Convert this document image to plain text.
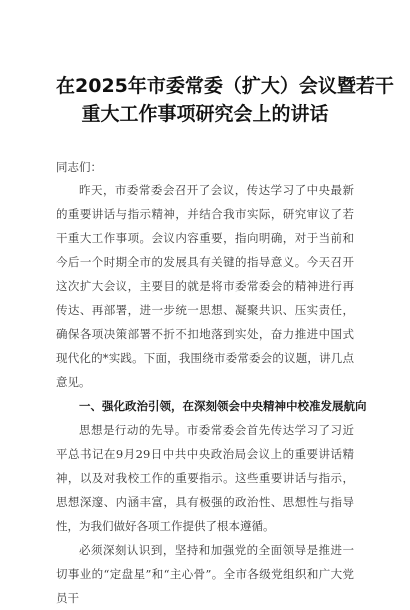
在2025年市委常委（扩大）会议暨若干
重大工作事项研究会上的讲话

同志们：

昨天，市委常委会召开了会议，传达学习了中央最新的重要讲话与指示精神，并结合我市实际，研究审议了若干重大工作事项。会议内容重要，指向明确，对于当前和今后一个时期全市的发展具有关键的指导意义。今天召开这次扩大会议，主要目的就是将市委常委会的精神进行再传达、再部署，进一步统一思想、凝聚共识、压实责任，确保各项决策部署不折不扣地落到实处，奋力推进中国式现代化的*实践。下面，我围绕市委常委会的议题，讲几点意见。

一、强化政治引领，在深刻领会中央精神中校准发展航向

思想是行动的先导。市委常委会首先传达学习了习近平总书记在9月29日中共中央政治局会议上的重要讲话精神，以及对我校工作的重要指示。这些重要讲话与指示，思想深邃、内涵丰富，具有极强的政治性、思想性与指导性，为我们做好各项工作提供了根本遵循。

必须深刻认识到，坚持和加强党的全面领导是推进一切事业的“定盘星”和“主心骨”。全市各级党组织和广大党员干
